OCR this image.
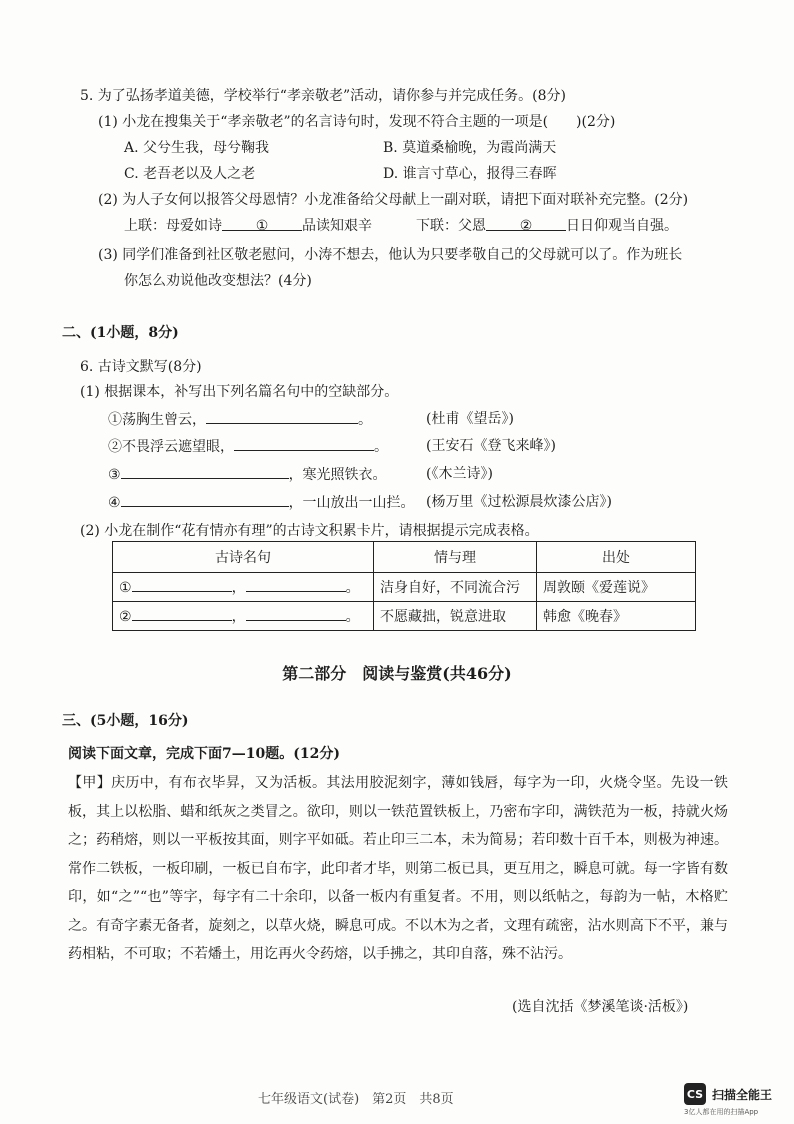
5. 为了弘扬孝道美德，学校举行“孝亲敬老”活动，请你参与并完成任务。(8分)
(1) 小龙在搜集关于“孝亲敬老”的名言诗句时，发现不符合主题的一项是(　　)(2分)
A. 父兮生我，母兮鞠我	B. 莫道桑榆晚，为霞尚满天
C. 老吾老以及人之老	D. 谁言寸草心，报得三春晖
(2) 为人子女何以报答父母恩情？小龙准备给父母献上一副对联，请把下面对联补充完整。(2分)
上联：母爱如诗 ① 品读知艰辛	下联：父恩 ② 日日仰观当自强。
(3) 同学们准备到社区敬老慰问，小涛不想去，他认为只要孝敬自己的父母就可以了。作为班长
你怎么劝说他改变想法？(4分)
二、(1小题，8分)
6. 古诗文默写(8分)
(1) 根据课本，补写出下列名篇名句中的空缺部分。
①荡胸生曾云，	。	(杜甫《望岳》)
②不畏浮云遮望眼，	。	(王安石《登飞来峰》)
③	，寒光照铁衣。	(《木兰诗》)
④	，一山放出一山拦。 (杨万里《过松源晨炊漆公店》)
(2) 小龙在制作“花有情亦有理”的古诗文积累卡片，请根据提示完成表格。
古诗名句	情与理	出处
① ， 。	洁身自好，不同流合污	周敦颐《爱莲说》
② ， 。	不愿藏拙，锐意进取	韩愈《晚春》
第二部分　阅读与鉴赏(共46分)
三、(5小题，16分)
阅读下面文章，完成下面7—10题。(12分)
【甲】庆历中，有布衣毕昇，又为活板。其法用胶泥刻字，薄如钱唇，每字为一印，火烧令坚。先设一铁板，其上以松脂、蜡和纸灰之类冒之。欲印，则以一铁范置铁板上，乃密布字印，满铁范为一板，持就火炀之；药稍熔，则以一平板按其面，则字平如砥。若止印三二本，未为简易；若印数十百千本，则极为神速。常作二铁板，一板印刷，一板已自布字，此印者才毕，则第二板已具，更互用之，瞬息可就。每一字皆有数印，如“之”“也”等字，每字有二十余印，以备一板内有重复者。不用，则以纸帖之，每韵为一帖，木格贮之。有奇字素无备者，旋刻之，以草火烧，瞬息可成。不以木为之者，文理有疏密，沾水则高下不平，兼与药相粘，不可取；不若燔土，用讫再火令药熔，以手拂之，其印自落，殊不沾污。
(选自沈括《梦溪笔谈·活板》)
七年级语文(试卷)　第2页　共8页	CS 扫描全能王
3亿人都在用的扫描App
